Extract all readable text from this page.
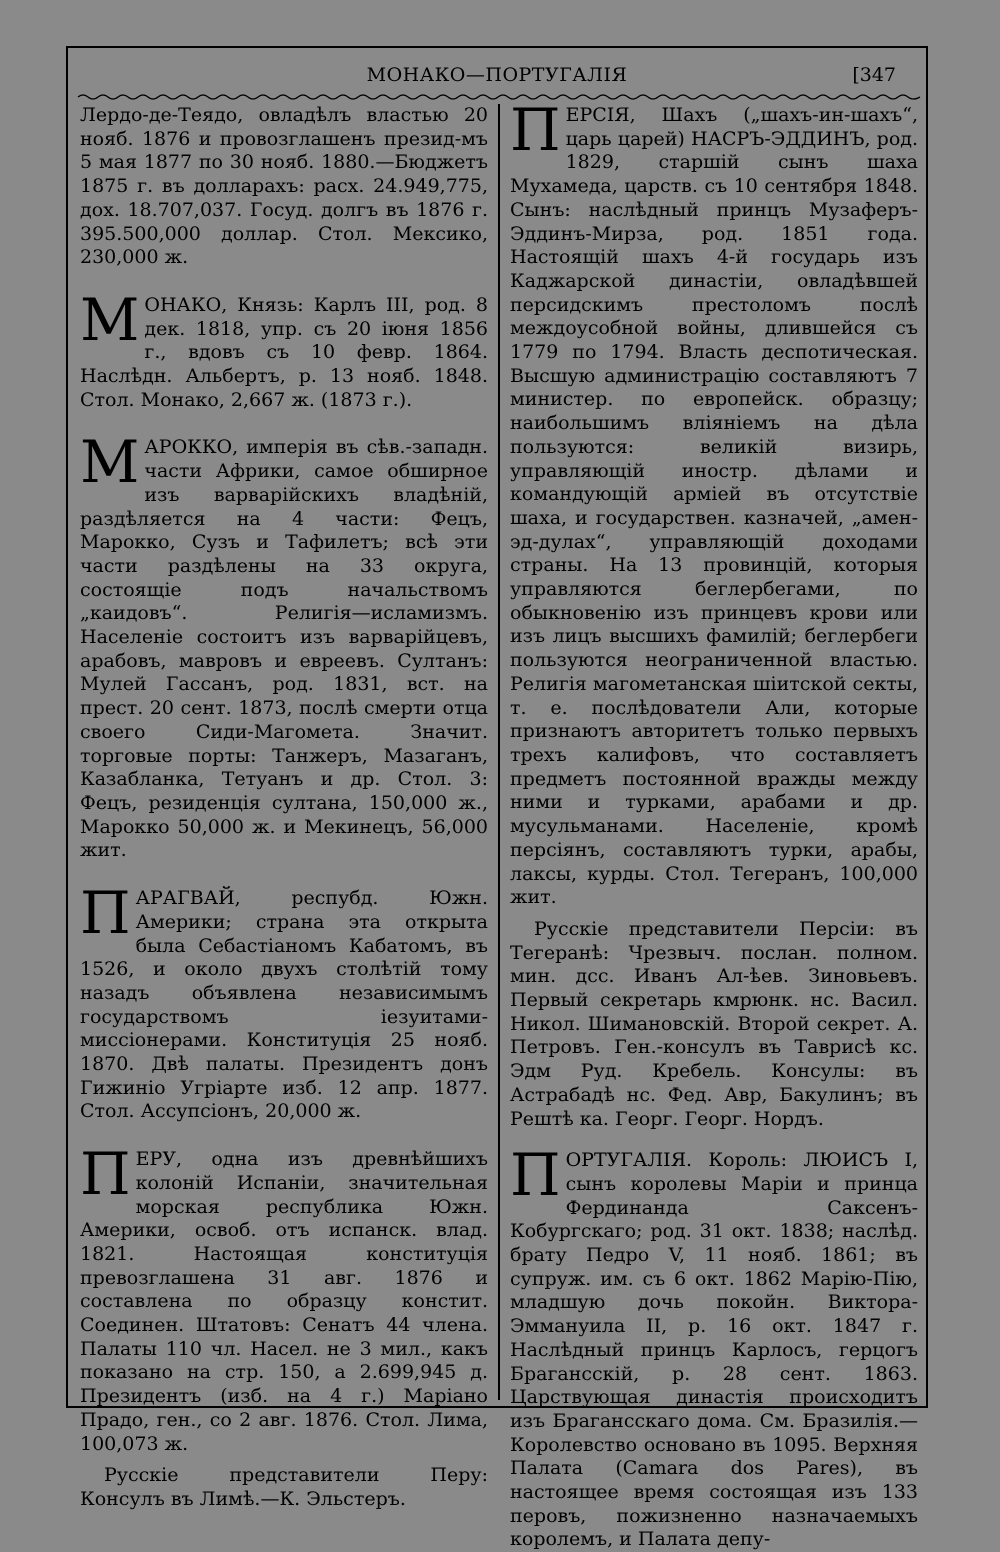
МОНАКО—ПОРТУГАЛІЯ	[347

Лердо-де-Теядо, овладѣлъ властью 20 нояб. 1876 и провозглашенъ презид-мъ 5 мая 1877 по 30 нояб. 1880.—Бюджетъ 1875 г. въ долларахъ: расх. 24.949,775, дох. 18.707,037. Госуд. долгъ въ 1876 г. 395.500,000 доллар. Стол. Мексико, 230,000 ж.

М ОНАКО, Князь: Карлъ III, род. 8 дек. 1818, упр. съ 20 іюня 1856 г., вдовъ съ 10 февр. 1864. Наслѣдн. Альбертъ, р. 13 нояб. 1848. Стол. Монако, 2,667 ж. (1873 г.).

М АРОККО, имперія въ сѣв.-западн. части Африки, самое обширное изъ варварійскихъ владѣній, раздѣляется на 4 части: Фецъ, Марокко, Сузъ и Тафилетъ; всѣ эти части раздѣлены на 33 округа, состоящіе подъ начальствомъ „каидовъ“. Религія—исламизмъ. Населеніе состоитъ изъ варварійцевъ, арабовъ, мавровъ и евреевъ. Султанъ: Мулей Гассанъ, род. 1831, вст. на прест. 20 сент. 1873, послѣ смерти отца своего Сиди-Магомета. Значит. торговые порты: Танжеръ, Мазаганъ, Казабланка, Тетуанъ и др. Стол. 3: Фецъ, резиденція султана, 150,000 ж., Марокко 50,000 ж. и Мекинецъ, 56,000 жит.

П АРАГВАЙ, респубд. Южн. Америки; страна эта открыта была Себастіаномъ Кабатомъ, въ 1526, и около двухъ столѣтій тому назадъ объявлена независимымъ государствомъ іезуитами-миссіонерами. Конституція 25 нояб. 1870. Двѣ палаты. Президентъ донъ Гижиніо Угріарте изб. 12 апр. 1877. Стол. Ассупсіонъ, 20,000 ж.

П ЕРУ, одна изъ древнѣйшихъ колоній Испаніи, значительная морская республика Южн. Америки, освоб. отъ испанск. влад. 1821. Настоящая конституція превозглашена 31 авг. 1876 и составлена по образцу констит. Соединен. Штатовъ: Сенатъ 44 члена. Палаты 110 чл. Насел. не 3 мил., какъ показано на стр. 150, а 2.699,945 д. Президентъ (изб. на 4 г.) Маріано Прадо, ген., со 2 авг. 1876. Стол. Лима, 100,073 ж.

Русскіе представители Перу: Консулъ въ Лимѣ.—К. Эльстеръ.

П ЕРСІЯ, Шахъ („шахъ-ин-шахъ“, царь царей) НАСРЪ-ЭДДИНЪ, род. 1829, старшій сынъ шаха Мухамеда, царств. съ 10 сентября 1848. Сынъ: наслѣдный принцъ Музаферъ-Эддинъ-Мирза, род. 1851 года. Настоящій шахъ 4-й государь изъ Каджарской династіи, овладѣвшей персидскимъ престоломъ послѣ междоусобной войны, длившейся съ 1779 по 1794. Власть деспотическая. Высшую администрацію составляютъ 7 министер. по европейск. образцу; наибольшимъ вліяніемъ на дѣла пользуются: великій визирь, управляющій иностр. дѣлами и командующій арміей въ отсутствіе шаха, и государствен. казначей, „амен-эд-дулах“, управляющій доходами страны. На 13 провинцій, которыя управляются беглербегами, по обыкновенію изъ принцевъ крови или изъ лицъ высшихъ фамилій; беглербеги пользуются неограниченной властью. Религія магометанская шіитской секты, т. е. послѣдователи Али, которые признаютъ авторитетъ только первыхъ трехъ калифовъ, что составляетъ предметъ постоянной вражды между ними и турками, арабами и др. мусульманами. Населеніе, кромѣ персіянъ, составляютъ турки, арабы, лаксы, курды. Стол. Тегеранъ, 100,000 жит.

Русскіе представители Персіи: въ Тегеранѣ: Чрезвыч. послан. полном. мин. дсс. Иванъ Ал-ѣев. Зиновьевъ. Первый секретарь кмрюнк. нс. Васил. Никол. Шимановскій. Второй секрет. А. Петровъ. Ген.-консулъ въ Таврисѣ кс. Эдм Руд. Кребель. Консулы: въ Астрабадѣ нс. Фед. Авр, Бакулинъ; въ Рештѣ ка. Георг. Георг. Нордъ.

П ОРТУГАЛІЯ. Король: ЛЮИСЪ I, сынъ королевы Маріи и принца Фердинанда Саксенъ-Кобургскаго; род. 31 окт. 1838; наслѣд. брату Педро V, 11 нояб. 1861; въ супруж. им. съ 6 окт. 1862 Марію-Пію, младшую дочь покойн. Виктора-Эммануила II, р. 16 окт. 1847 г. Наслѣдный принцъ Карлосъ, герцогъ Брагансскій, р. 28 сент. 1863. Царствующая династія происходитъ изъ Брагансскаго дома. См. Бразилія.—Королевство основано въ 1095. Верхняя Палата (Camara dos Pares), въ настоящее время состоящая изъ 133 перовъ, пожизненно назначаемыхъ королемъ, и Палата депу-
